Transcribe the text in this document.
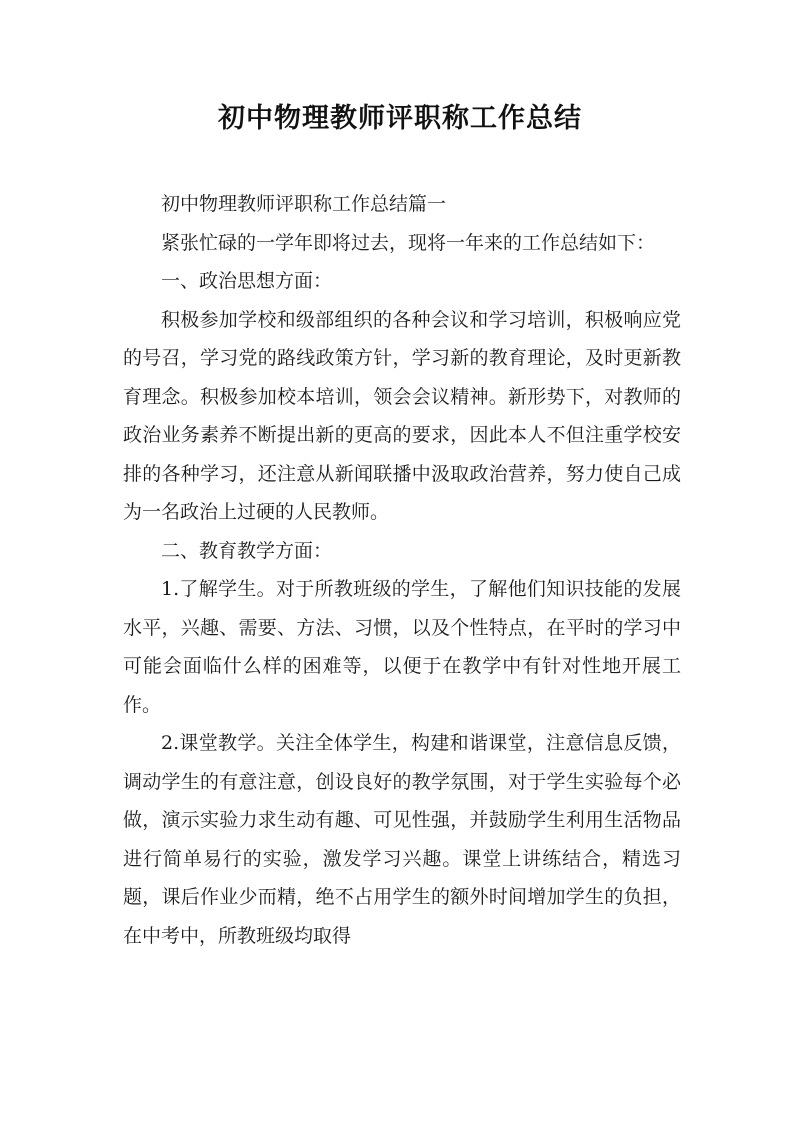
初中物理教师评职称工作总结

初中物理教师评职称工作总结篇一

紧张忙碌的一学年即将过去，现将一年来的工作总结如下：

一、政治思想方面：

积极参加学校和级部组织的各种会议和学习培训，积极响应党的号召，学习党的路线政策方针，学习新的教育理论，及时更新教育理念。积极参加校本培训，领会会议精神。新形势下，对教师的政治业务素养不断提出新的更高的要求，因此本人不但注重学校安排的各种学习，还注意从新闻联播中汲取政治营养，努力使自己成为一名政治上过硬的人民教师。

二、教育教学方面：

1.了解学生。对于所教班级的学生，了解他们知识技能的发展水平，兴趣、需要、方法、习惯，以及个性特点，在平时的学习中可能会面临什么样的困难等，以便于在教学中有针对性地开展工作。

2.课堂教学。关注全体学生，构建和谐课堂，注意信息反馈，调动学生的有意注意，创设良好的教学氛围，对于学生实验每个必做，演示实验力求生动有趣、可见性强，并鼓励学生利用生活物品进行简单易行的实验，激发学习兴趣。课堂上讲练结合，精选习题，课后作业少而精，绝不占用学生的额外时间增加学生的负担，在中考中，所教班级均取得
